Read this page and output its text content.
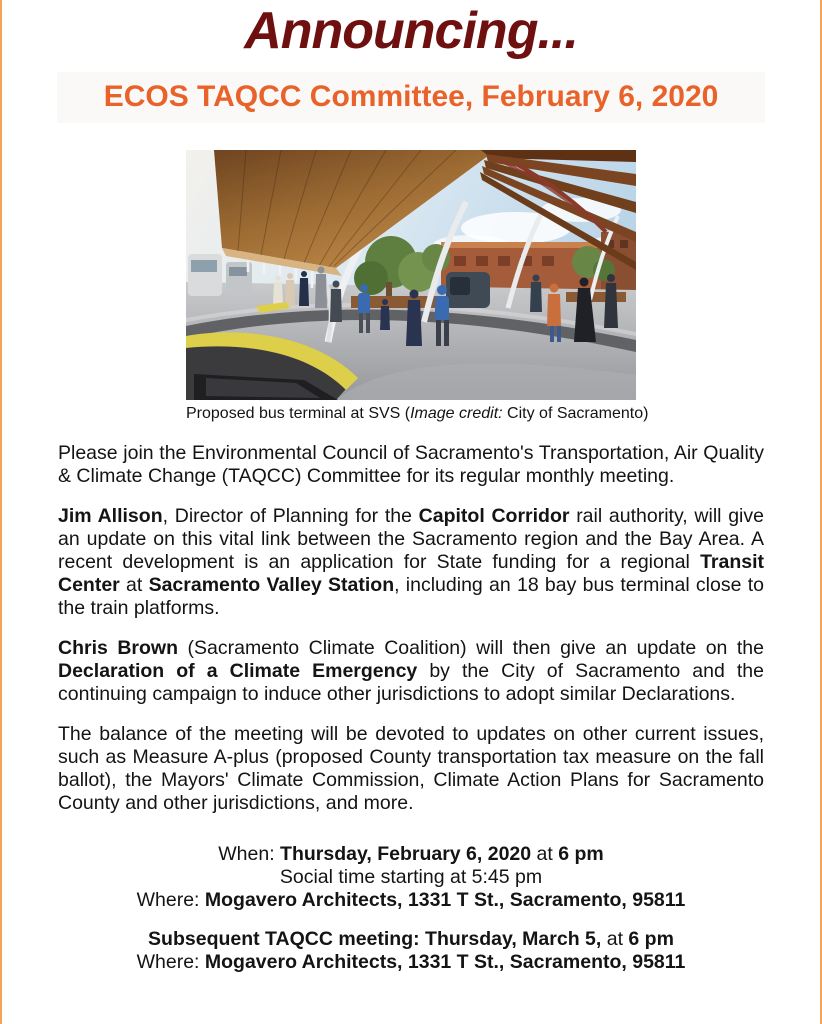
Announcing...
ECOS TAQCC Committee, February 6, 2020
Proposed bus terminal at SVS (Image credit: City of Sacramento)

Please join the Environmental Council of Sacramento's Transportation, Air Quality & Climate Change (TAQCC) Committee for its regular monthly meeting.

Jim Allison, Director of Planning for the Capitol Corridor rail authority, will give an update on this vital link between the Sacramento region and the Bay Area. A recent development is an application for State funding for a regional Transit Center at Sacramento Valley Station, including an 18 bay bus terminal close to the train platforms.

Chris Brown (Sacramento Climate Coalition) will then give an update on the Declaration of a Climate Emergency by the City of Sacramento and the continuing campaign to induce other jurisdictions to adopt similar Declarations.

The balance of the meeting will be devoted to updates on other current issues, such as Measure A-plus (proposed County transportation tax measure on the fall ballot), the Mayors' Climate Commission, Climate Action Plans for Sacramento County and other jurisdictions, and more.

When: Thursday, February 6, 2020 at 6 pm
Social time starting at 5:45 pm
Where: Mogavero Architects, 1331 T St., Sacramento, 95811
Subsequent TAQCC meeting: Thursday, March 5, at 6 pm
Where: Mogavero Architects, 1331 T St., Sacramento, 95811
